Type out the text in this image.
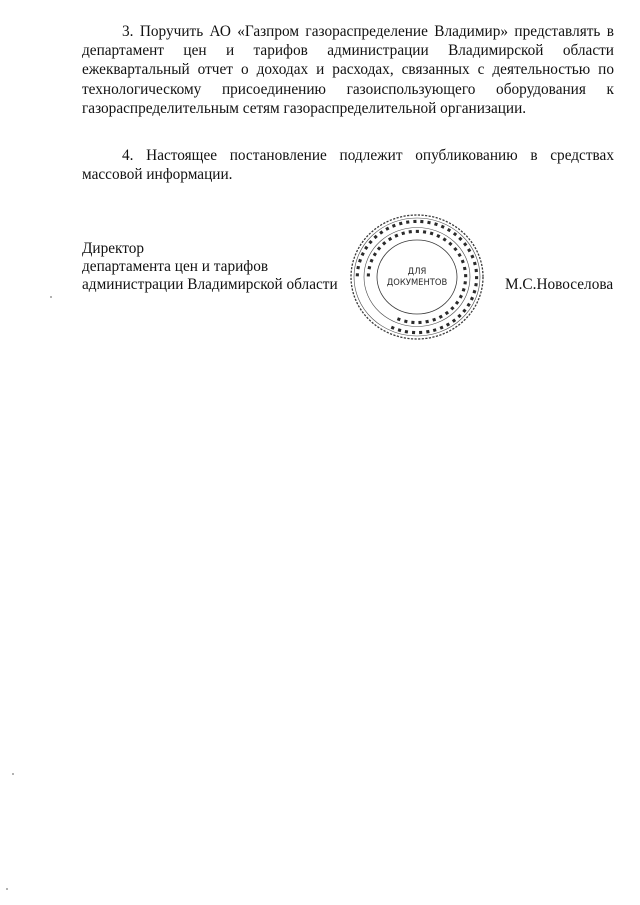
3. Поручить АО «Газпром газораспределение Владимир» представлять в департамент цен и тарифов администрации Владимирской области ежеквартальный отчет о доходах и расходах, связанных с деятельностью по технологическому присоединению газоиспользующего оборудования к газораспределительным сетям газораспределительной организации.

4. Настоящее постановление подлежит опубликованию в средствах массовой информации.

Директор
департамента цен и тарифов
администрации Владимирской области
▪ ▪ ▪ ▪ ▪ ▪ ▪ ▪ ▪ ▪ ▪ ▪ ▪ ▪ ▪ ▪ ▪ ▪ ▪ ▪ ▪ ▪ ▪ ▪ ▪ ▪ ▪ ▪ ▪ ▪ ▪ ▪ ▪ ▪ ▪ ▪ ▪ ▪ ▪ ▪ ▪ ▪
▪ ▪ ▪ ▪ ▪ ▪ ▪ ▪ ▪ ▪ ▪ ▪ ▪ ▪ ▪ ▪ ▪ ▪ ▪ ▪ ▪ ▪ ▪ ▪ ▪ ▪ ▪ ▪ ▪ ▪ ▪ ▪ ▪ ▪
ДЛЯ
ДОКУМЕНТОВ	М.С.Новоселова
